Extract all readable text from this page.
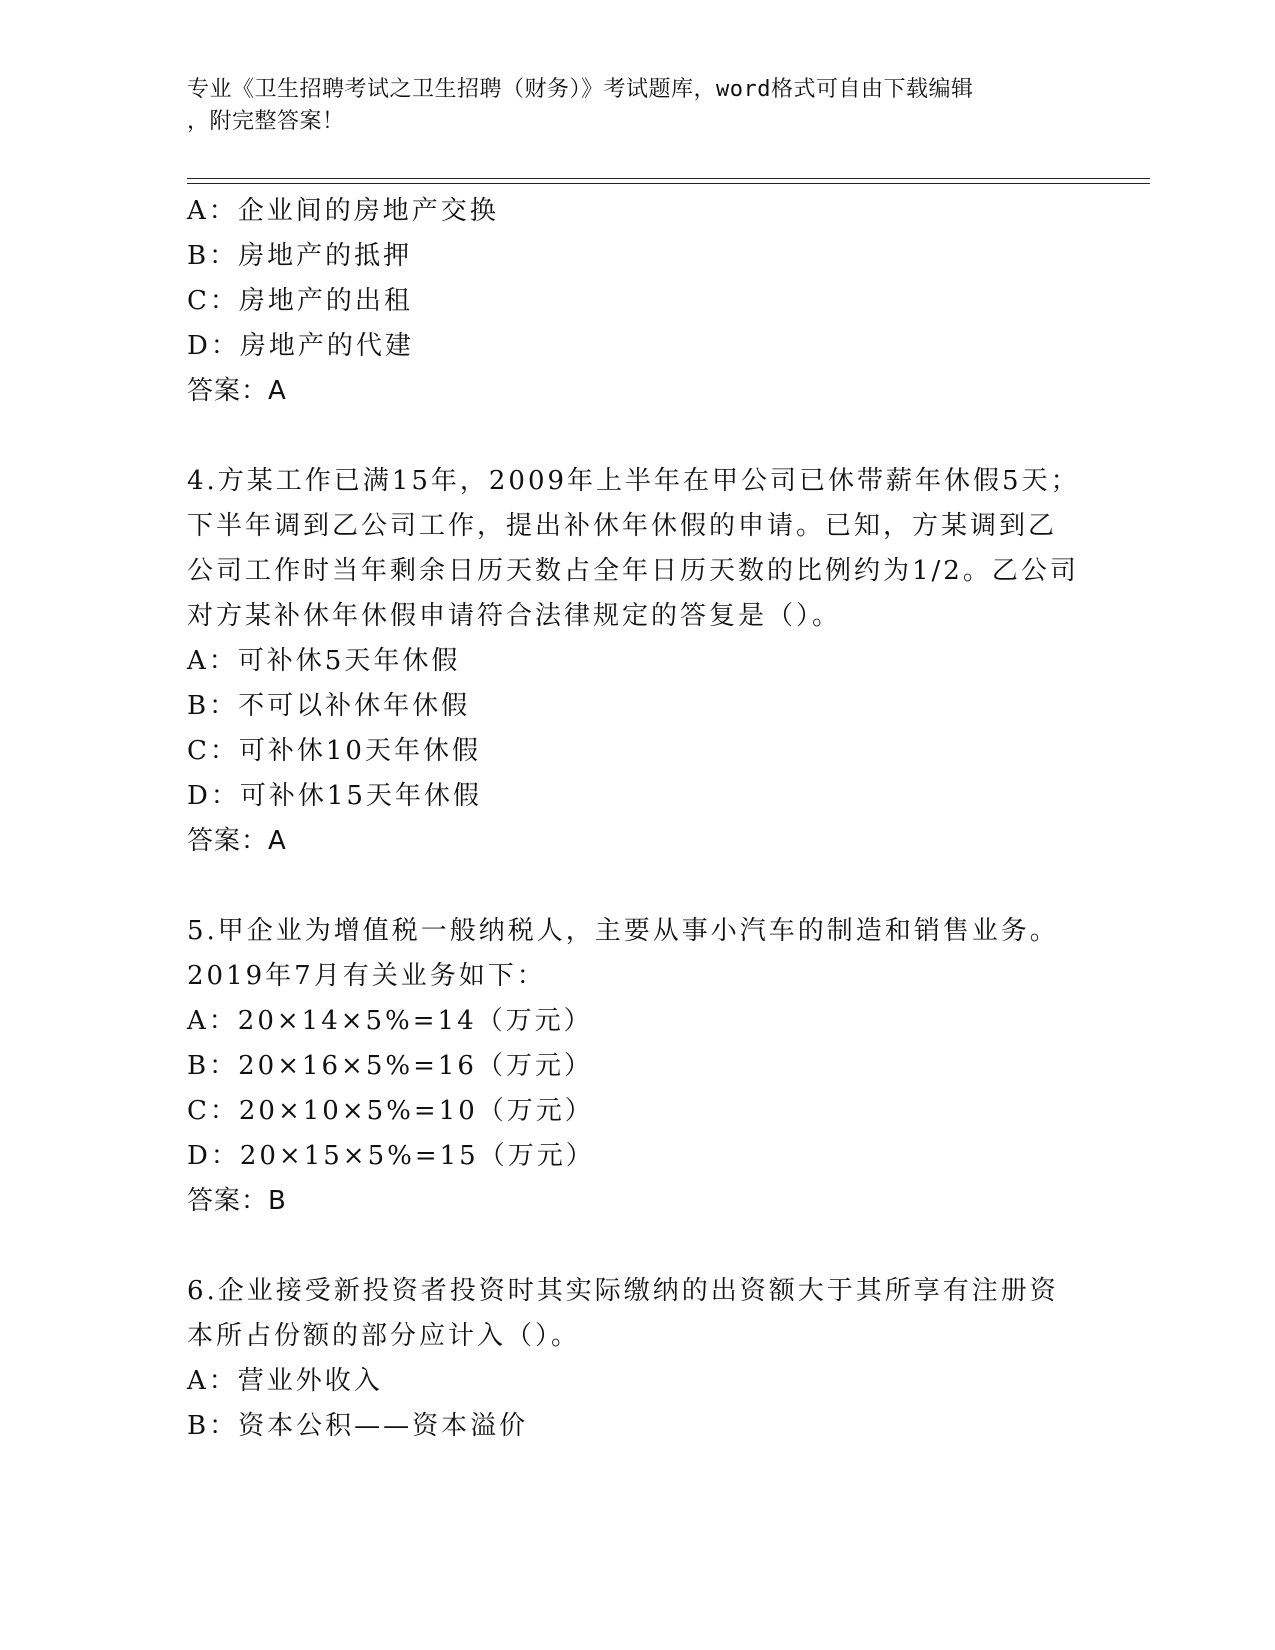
专业《卫生招聘考试之卫生招聘（财务）》考试题库，word格式可自由下载编辑
，附完整答案！
A：企业间的房地产交换
B：房地产的抵押
C：房地产的出租
D：房地产的代建
答案：A
4.方某工作已满15年，2009年上半年在甲公司已休带薪年休假5天；
下半年调到乙公司工作，提出补休年休假的申请。已知，方某调到乙
公司工作时当年剩余日历天数占全年日历天数的比例约为1/2。乙公司
对方某补休年休假申请符合法律规定的答复是（）。
A：可补休5天年休假
B：不可以补休年休假
C：可补休10天年休假
D：可补休15天年休假
答案：A
5.甲企业为增值税一般纳税人，主要从事小汽车的制造和销售业务。
2019年7月有关业务如下：
A：20×14×5%=14（万元）
B：20×16×5%=16（万元）
C：20×10×5%=10（万元）
D：20×15×5%=15（万元）
答案：B
6.企业接受新投资者投资时其实际缴纳的出资额大于其所享有注册资
本所占份额的部分应计入（）。
A：营业外收入
B：资本公积——资本溢价
